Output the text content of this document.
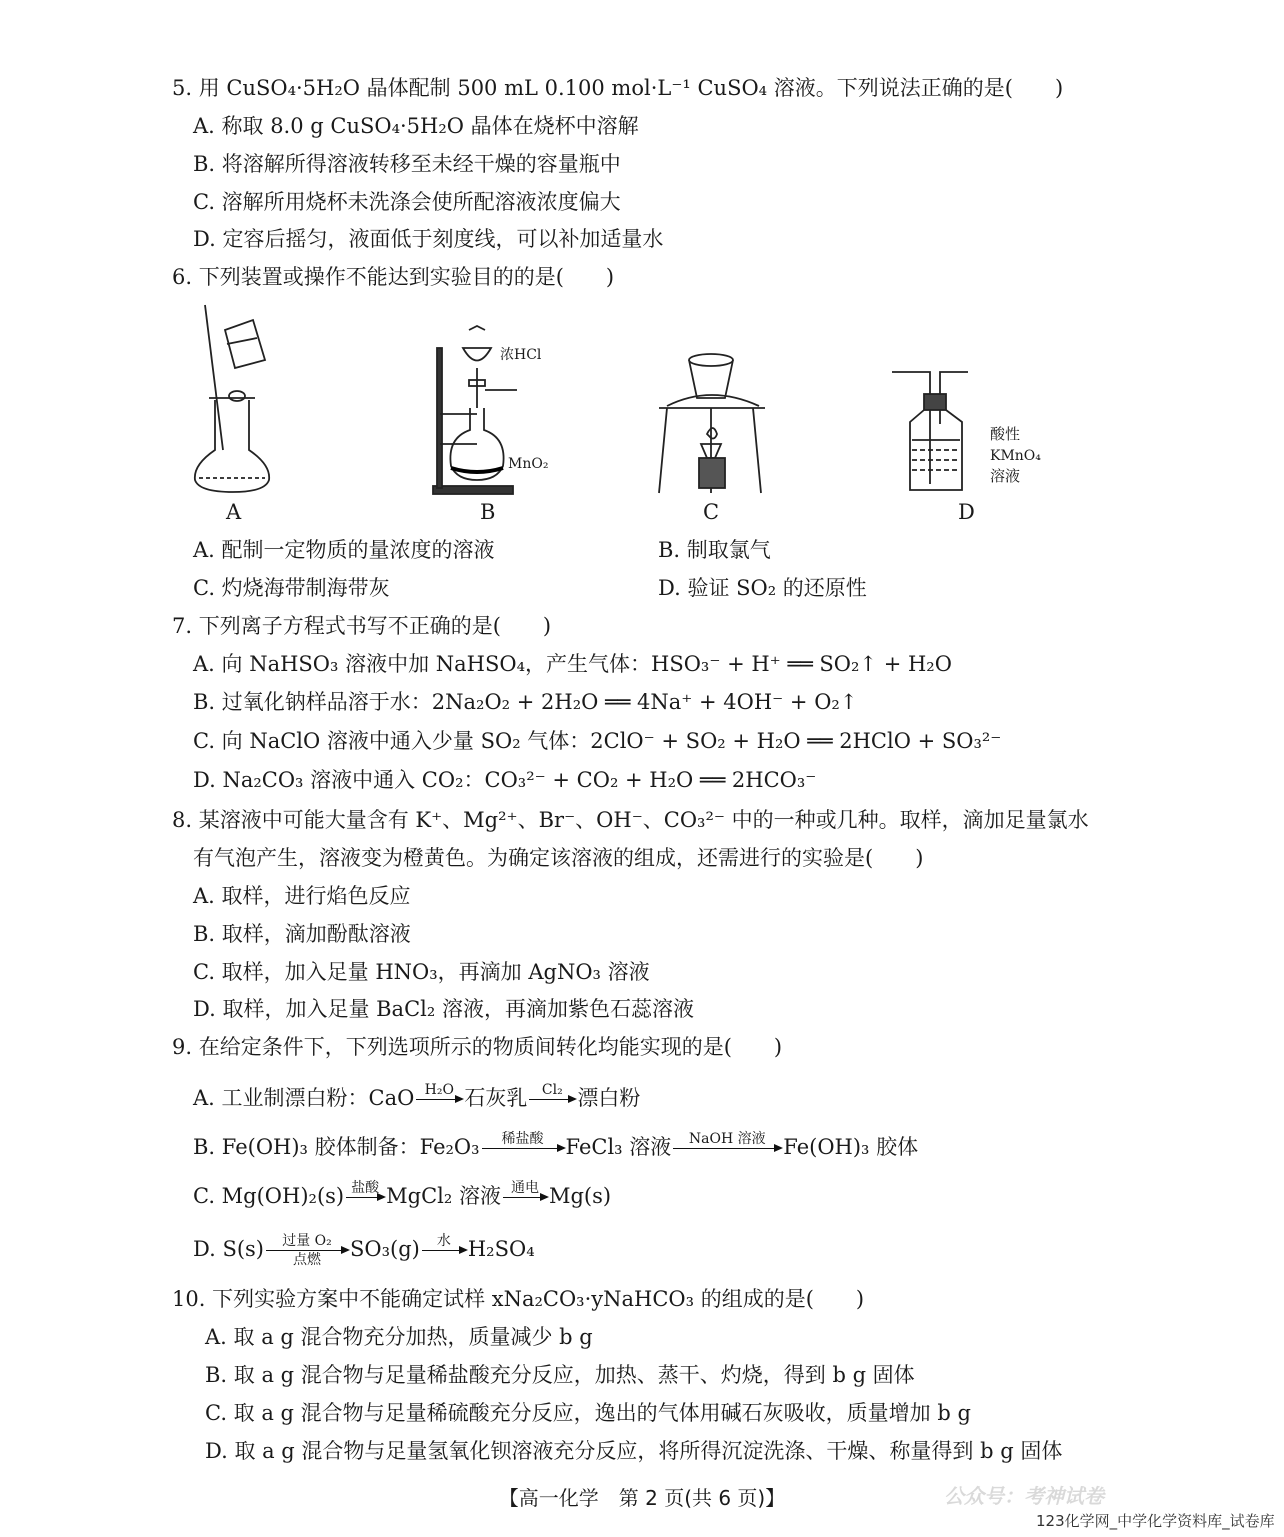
5. 用 CuSO₄·5H₂O 晶体配制 500 mL 0.100 mol·L⁻¹ CuSO₄ 溶液。下列说法正确的是(　　)
A. 称取 8.0 g CuSO₄·5H₂O 晶体在烧杯中溶解
B. 将溶解所得溶液转移至未经干燥的容量瓶中
C. 溶解所用烧杯未洗涤会使所配溶液浓度偏大
D. 定容后摇匀，液面低于刻度线，可以补加适量水
6. 下列装置或操作不能达到实验目的的是(　　)
A
浓HCl
MnO₂
B	C
酸性
KMnO₄
溶液
D
A. 配制一定物质的量浓度的溶液	B. 制取氯气
C. 灼烧海带制海带灰	D. 验证 SO₂ 的还原性
7. 下列离子方程式书写不正确的是(　　)
A. 向 NaHSO₃ 溶液中加 NaHSO₄，产生气体：HSO₃⁻ + H⁺ ══ SO₂↑ + H₂O
B. 过氧化钠样品溶于水：2Na₂O₂ + 2H₂O ══ 4Na⁺ + 4OH⁻ + O₂↑
C. 向 NaClO 溶液中通入少量 SO₂ 气体：2ClO⁻ + SO₂ + H₂O ══ 2HClO + SO₃²⁻
D. Na₂CO₃ 溶液中通入 CO₂：CO₃²⁻ + CO₂ + H₂O ══ 2HCO₃⁻
8. 某溶液中可能大量含有 K⁺、Mg²⁺、Br⁻、OH⁻、CO₃²⁻ 中的一种或几种。取样，滴加足量氯水
有气泡产生，溶液变为橙黄色。为确定该溶液的组成，还需进行的实验是(　　)
A. 取样，进行焰色反应
B. 取样，滴加酚酞溶液
C. 取样，加入足量 HNO₃，再滴加 AgNO₃ 溶液
D. 取样，加入足量 BaCl₂ 溶液，再滴加紫色石蕊溶液
9. 在给定条件下，下列选项所示的物质间转化均能实现的是(　　)
A. 工业制漂白粉：CaO H₂O
石灰乳	Cl₂
漂白粉
B. Fe(OH)₃ 胶体制备：Fe₂O₃	稀盐酸
	FeCl₃ 溶液	NaOH 溶液
Fe(OH)₃ 胶体
C. Mg(OH)₂(s) 盐酸
MgCl₂ 溶液 通电
Mg(s)
D. S(s)	过量 O₂
点燃	SO₃(g)	水
H₂SO₄
10. 下列实验方案中不能确定试样 xNa₂CO₃·yNaHCO₃ 的组成的是(　　)
A. 取 a g 混合物充分加热，质量减少 b g
B. 取 a g 混合物与足量稀盐酸充分反应，加热、蒸干、灼烧，得到 b g 固体
C. 取 a g 混合物与足量稀硫酸充分反应，逸出的气体用碱石灰吸收，质量增加 b g
D. 取 a g 混合物与足量氢氧化钡溶液充分反应，将所得沉淀洗涤、干燥、称量得到 b g 固体
【高一化学　第 2 页(共 6 页)】	公众号：考神试卷
123化学网_中学化学资料库_试卷库
